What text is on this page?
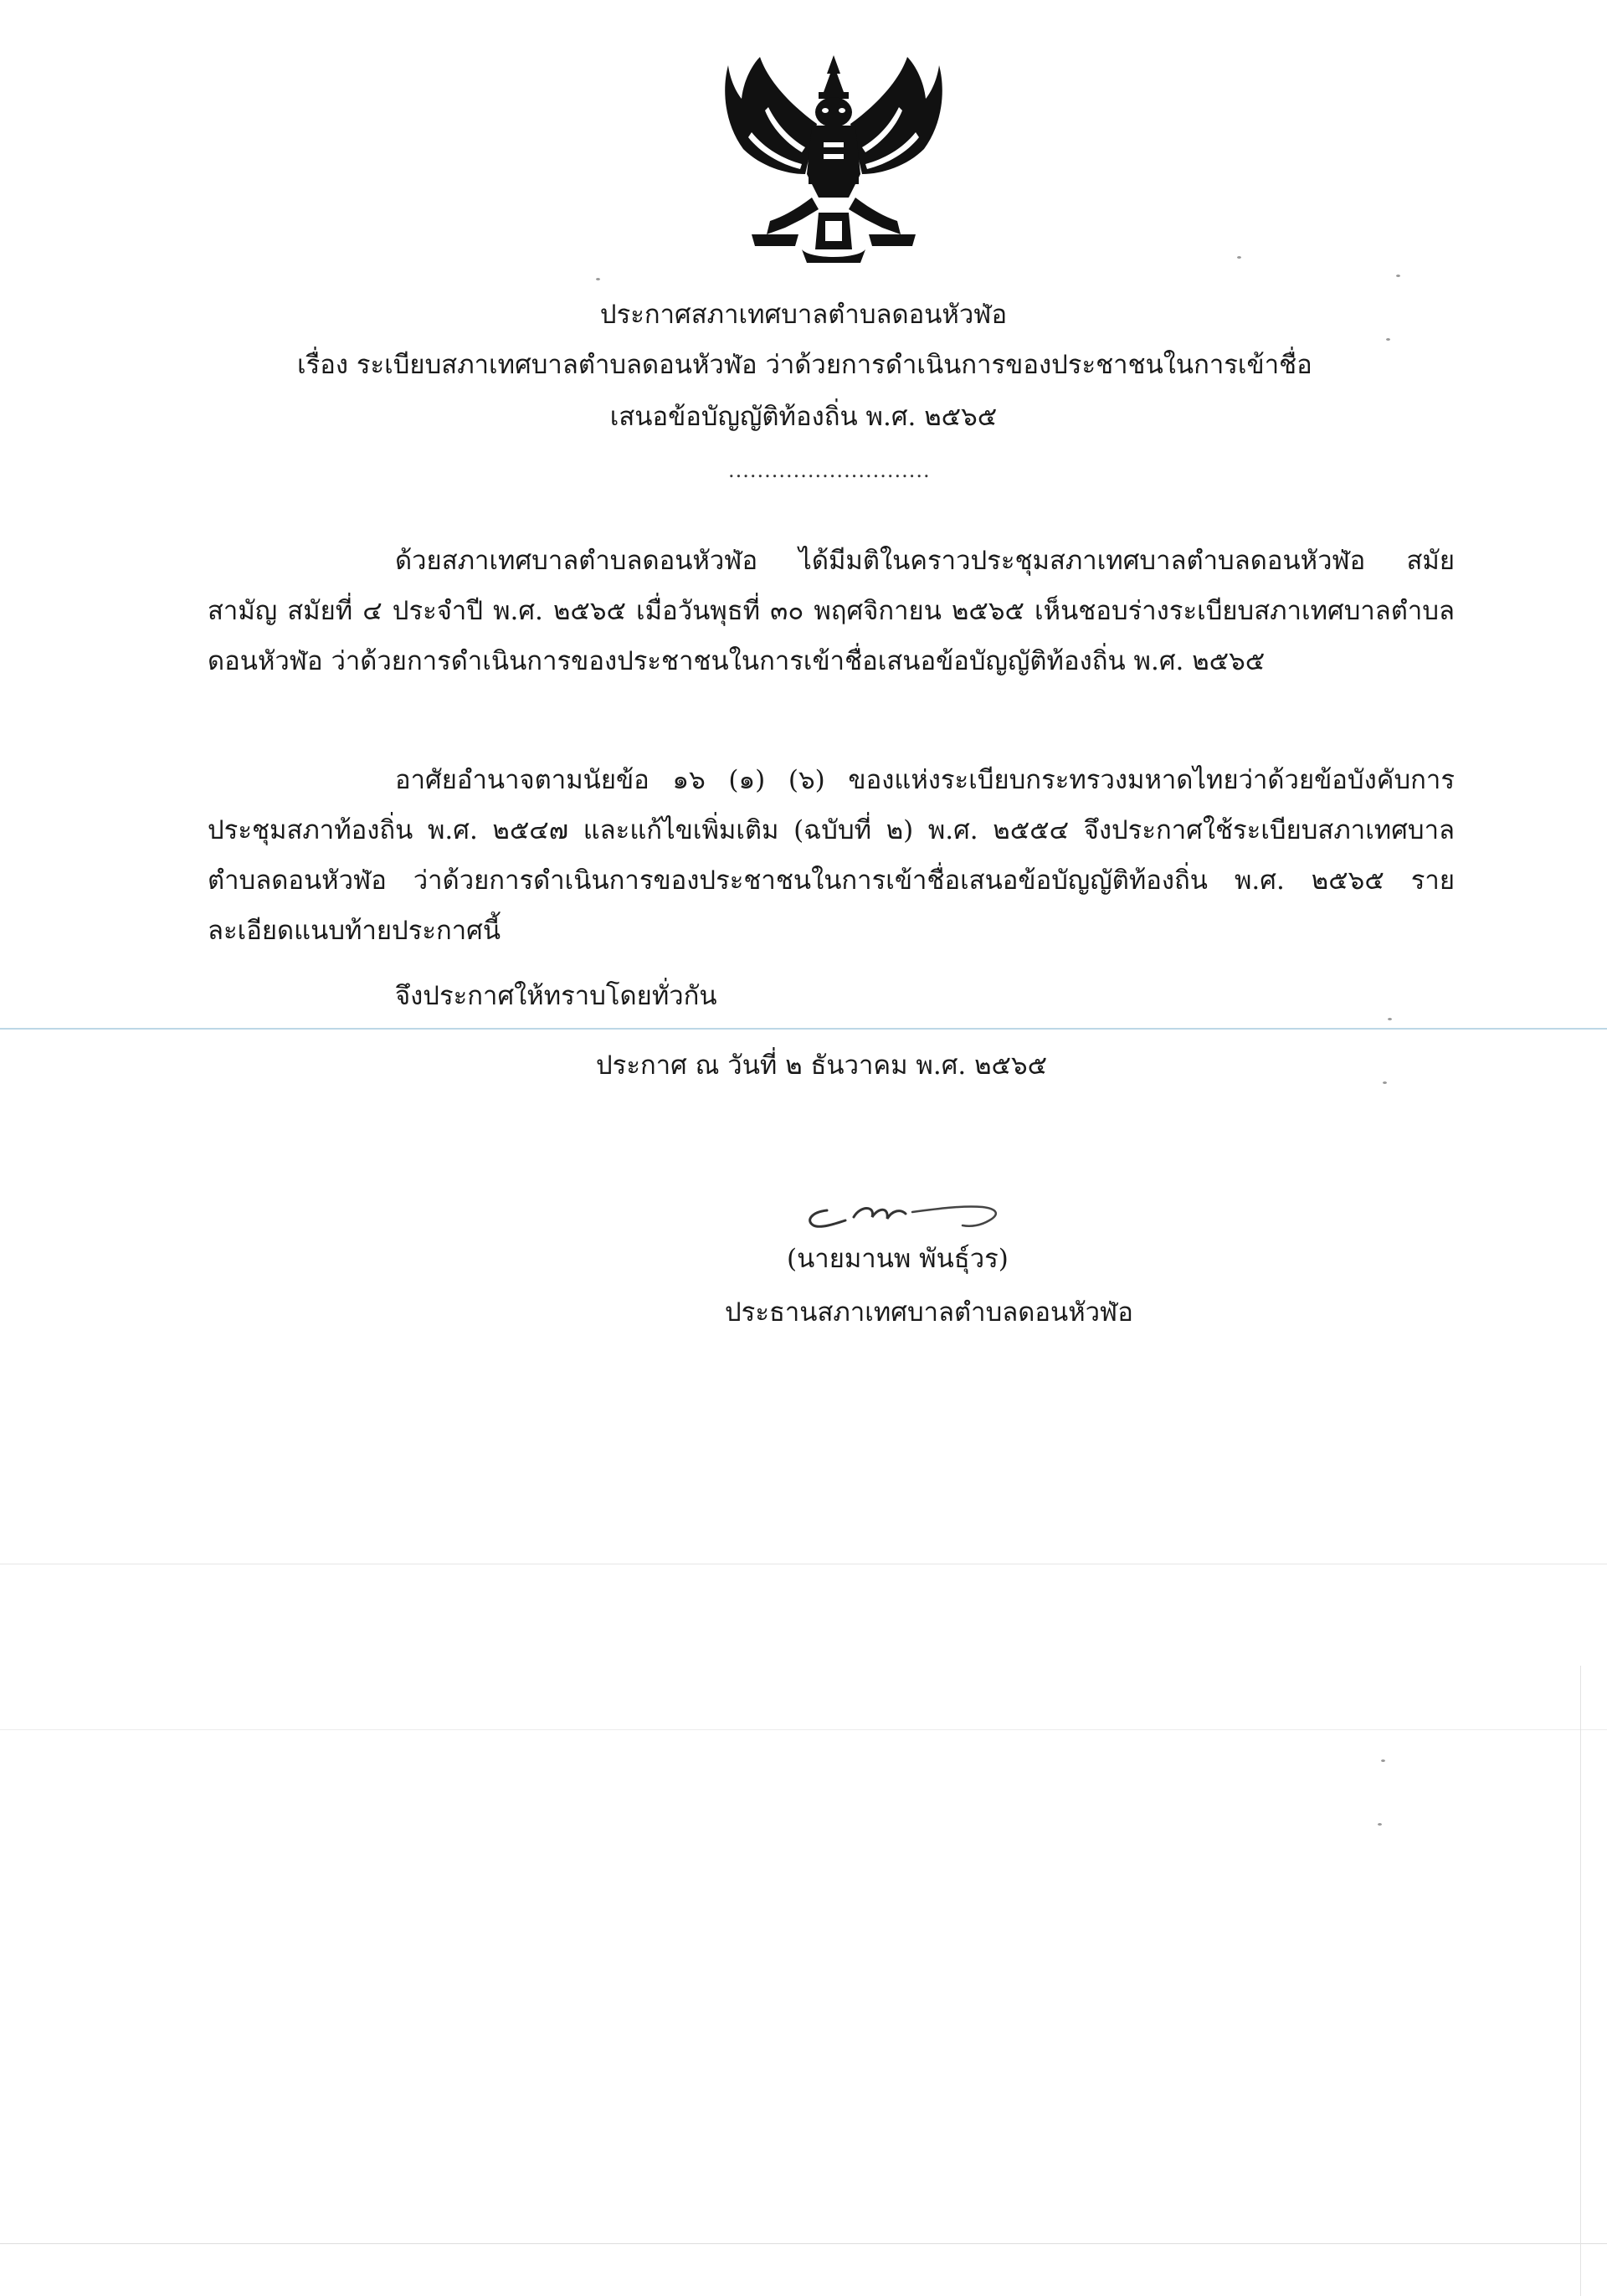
ประกาศสภาเทศบาลตำบลดอนหัวฬ่อ
เรื่อง ระเบียบสภาเทศบาลตำบลดอนหัวฬ่อ ว่าด้วยการดำเนินการของประชาชนในการเข้าชื่อ
เสนอข้อบัญญัติท้องถิ่น พ.ศ. ๒๕๖๕
............................
ด้วยสภาเทศบาลตำบลดอนหัวฬ่อ ได้มีมติในคราวประชุมสภาเทศบาลตำบลดอนหัวฬ่อ สมัยสามัญ สมัยที่ ๔ ประจำปี พ.ศ. ๒๕๖๕ เมื่อวันพุธที่ ๓๐ พฤศจิกายน ๒๕๖๕ เห็นชอบร่างระเบียบสภาเทศบาลตำบลดอนหัวฬ่อ ว่าด้วยการดำเนินการของประชาชนในการเข้าชื่อเสนอข้อบัญญัติท้องถิ่น พ.ศ. ๒๕๖๕
อาศัยอำนาจตามนัยข้อ ๑๖ (๑) (๖) ของแห่งระเบียบกระทรวงมหาดไทยว่าด้วยข้อบังคับการประชุมสภาท้องถิ่น พ.ศ. ๒๕๔๗ และแก้ไขเพิ่มเติม (ฉบับที่ ๒) พ.ศ. ๒๕๕๔ จึงประกาศใช้ระเบียบสภาเทศบาลตำบลดอนหัวฬ่อ ว่าด้วยการดำเนินการของประชาชนในการเข้าชื่อเสนอข้อบัญญัติท้องถิ่น พ.ศ. ๒๕๖๕ รายละเอียดแนบท้ายประกาศนี้
จึงประกาศให้ทราบโดยทั่วกัน
ประกาศ ณ วันที่ ๒ ธันวาคม พ.ศ. ๒๕๖๕
(นายมานพ พันธุ์วร)
ประธานสภาเทศบาลตำบลดอนหัวฬ่อ
